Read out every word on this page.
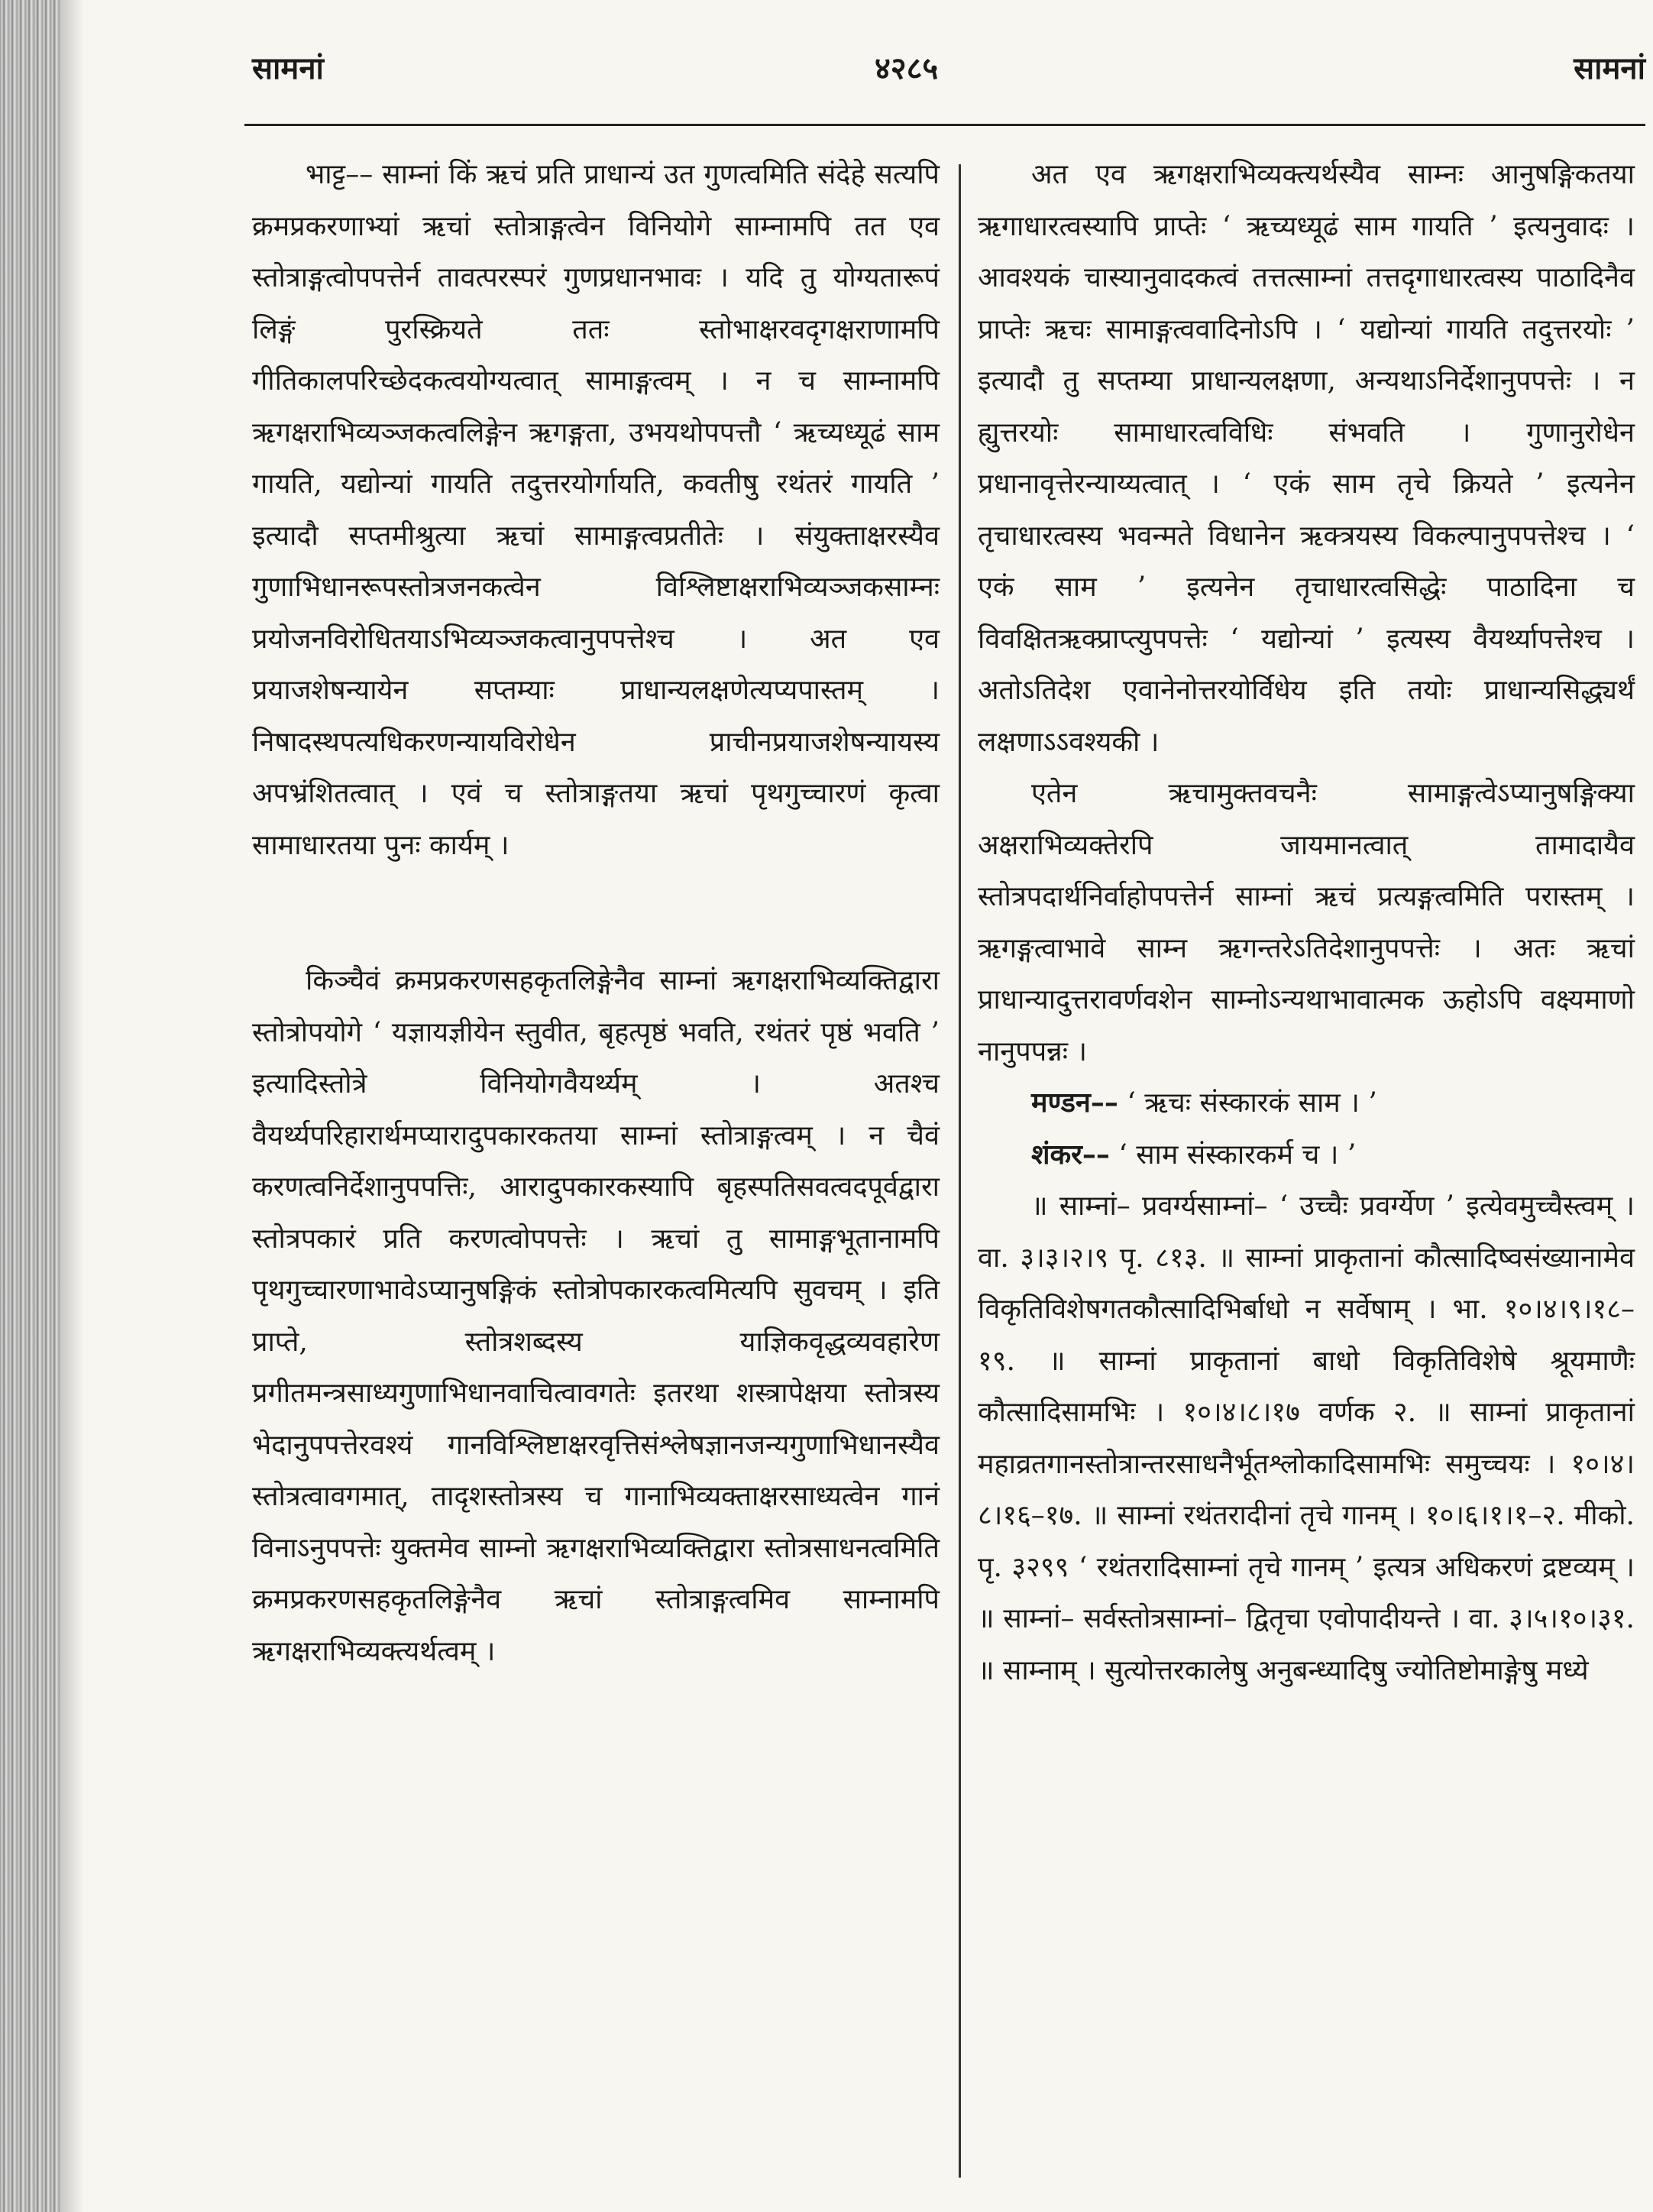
सामनां	४२८५	सामनां

भाट्ट–– साम्नां किं ऋचं प्रति प्राधान्यं उत गुणत्वमिति संदेहे सत्यपि क्रमप्रकरणाभ्यां ऋचां स्तोत्राङ्गत्वेन विनियोगे साम्नामपि तत एव स्तोत्राङ्गत्वोपपत्तेर्न तावत्परस्परं गुणप्रधानभावः । यदि तु योग्यतारूपं लिङ्गं पुरस्क्रियते ततः स्तोभाक्षरवदृगक्षराणामपि गीतिकालपरिच्छेदकत्वयोग्यत्वात् सामाङ्गत्वम् । न च साम्नामपि ऋगक्षराभिव्यञ्जकत्वलिङ्गेन ऋगङ्गता, उभयथोपपत्तौ ‘ ऋच्यध्यूढं साम गायति, यद्योन्यां गायति तदुत्तरयोर्गायति, कवतीषु रथंतरं गायति ’ इत्यादौ सप्तमीश्रुत्या ऋचां सामाङ्गत्वप्रतीतेः । संयुक्ताक्षरस्यैव गुणाभिधानरूपस्तोत्रजनकत्वेन विश्लिष्टाक्षराभिव्यञ्जकसाम्नः प्रयोजनविरोधितयाऽभिव्यञ्जकत्वानुपपत्तेश्च । अत एव प्रयाजशेषन्यायेन सप्तम्याः प्राधान्यलक्षणेत्यप्यपास्तम् । निषादस्थपत्यधिकरणन्यायविरोधेन प्राचीनप्रयाजशेषन्यायस्य अपभ्रंशितत्वात् । एवं च स्तोत्राङ्गतया ऋचां पृथगुच्चारणं कृत्वा सामाधारतया पुनः कार्यम् ।

किञ्चैवं क्रमप्रकरणसहकृतलिङ्गेनैव साम्नां ऋगक्षराभिव्यक्तिद्वारा स्तोत्रोपयोगे ‘ यज्ञायज्ञीयेन स्तुवीत, बृहत्पृष्ठं भवति, रथंतरं पृष्ठं भवति ’ इत्यादिस्तोत्रे विनियोगवैयर्थ्यम् । अतश्च वैयर्थ्यपरिहारार्थमप्यारादुपकारकतया साम्नां स्तोत्राङ्गत्वम् । न चैवं करणत्वनिर्देशानुपपत्तिः, आरादुपकारकस्यापि बृहस्पतिसवत्वदपूर्वद्वारा स्तोत्रपकारं प्रति करणत्वोपपत्तेः । ऋचां तु सामाङ्गभूतानामपि पृथगुच्चारणाभावेऽप्यानुषङ्गिकं स्तोत्रोपकारकत्वमित्यपि सुवचम् । इति प्राप्ते, स्तोत्रशब्दस्य याज्ञिकवृद्धव्यवहारेण प्रगीतमन्त्रसाध्यगुणाभिधानवाचित्वावगतेः इतरथा शस्त्रापेक्षया स्तोत्रस्य भेदानुपपत्तेरवश्यं गानविश्लिष्टाक्षरवृत्तिसंश्लेषज्ञानजन्यगुणाभिधानस्यैव स्तोत्रत्वावगमात्, तादृशस्तोत्रस्य च गानाभिव्यक्ताक्षरसाध्यत्वेन गानं विनाऽनुपपत्तेः युक्तमेव साम्नो ऋगक्षराभिव्यक्तिद्वारा स्तोत्रसाधनत्वमिति क्रमप्रकरणसहकृतलिङ्गेनैव ऋचां स्तोत्राङ्गत्वमिव साम्नामपि ऋगक्षराभिव्यक्त्यर्थत्वम् ।

अत एव ऋगक्षराभिव्यक्त्यर्थस्यैव साम्नः आनुषङ्गिकतया ऋगाधारत्वस्यापि प्राप्तेः ‘ ऋच्यध्यूढं साम गायति ’ इत्यनुवादः । आवश्यकं चास्यानुवादकत्वं तत्तत्साम्नां तत्तदृगाधारत्वस्य पाठादिनैव प्राप्तेः ऋचः सामाङ्गत्ववादिनोऽपि । ‘ यद्योन्यां गायति तदुत्तरयोः ’ इत्यादौ तु सप्तम्या प्राधान्यलक्षणा, अन्यथाऽनिर्देशानुपपत्तेः । न ह्युत्तरयोः सामाधारत्वविधिः संभवति । गुणानुरोधेन प्रधानावृत्तेरन्याय्यत्वात् । ‘ एकं साम तृचे क्रियते ’ इत्यनेन तृचाधारत्वस्य भवन्मते विधानेन ऋक्त्रयस्य विकल्पानुपपत्तेश्च । ‘ एकं साम ’ इत्यनेन तृचाधारत्वसिद्धेः पाठादिना च विवक्षितऋक्प्राप्त्युपपत्तेः ‘ यद्योन्यां ’ इत्यस्य वैयर्थ्यापत्तेश्च । अतोऽतिदेश एवानेनोत्तरयोर्विधेय इति तयोः प्राधान्यसिद्ध्यर्थं लक्षणाऽऽवश्यकी ।

एतेन ऋचामुक्तवचनैः सामाङ्गत्वेऽप्यानुषङ्गिक्या अक्षराभिव्यक्तेरपि जायमानत्वात् तामादायैव स्तोत्रपदार्थनिर्वाहोपपत्तेर्न साम्नां ऋचं प्रत्यङ्गत्वमिति परास्तम् । ऋगङ्गत्वाभावे साम्न ऋगन्तरेऽतिदेशानुपपत्तेः । अतः ऋचां प्राधान्यादुत्तरावर्णवशेन साम्नोऽन्यथाभावात्मक ऊहोऽपि वक्ष्यमाणो नानुपपन्नः ।

मण्डन–– ‘ ऋचः संस्कारकं साम । ’

शंकर–– ‘ साम संस्कारकर्म च । ’

॥ साम्नां– प्रवर्ग्यसाम्नां– ‘ उच्चैः प्रवर्ग्येण ’ इत्येवमुच्चैस्त्वम् । वा. ३।३।२।९ पृ. ८१३. ॥ साम्नां प्राकृतानां कौत्सादिष्वसंख्यानामेव विकृतिविशेषगतकौत्सादिभिर्बाधो न सर्वेषाम् । भा. १०।४।९।१८–१९. ॥ साम्नां प्राकृतानां बाधो विकृतिविशेषे श्रूयमाणैः कौत्सादिसामभिः । १०।४।८।१७ वर्णक २. ॥ साम्नां प्राकृतानां महाव्रतगानस्तोत्रान्तरसाधनैर्भूतश्लोकादिसामभिः समुच्चयः । १०।४।८।१६–१७. ॥ साम्नां रथंतरादीनां तृचे गानम् । १०।६।१।१–२. मीको. पृ. ३२९९ ‘ रथंतरादिसाम्नां तृचे गानम् ’ इत्यत्र अधिकरणं द्रष्टव्यम् । ॥ साम्नां– सर्वस्तोत्रसाम्नां– द्वितृचा एवोपादीयन्ते । वा. ३।५।१०।३१. ॥ साम्नाम् । सुत्योत्तरकालेषु अनुबन्ध्यादिषु ज्योतिष्टोमाङ्गेषु मध्ये
